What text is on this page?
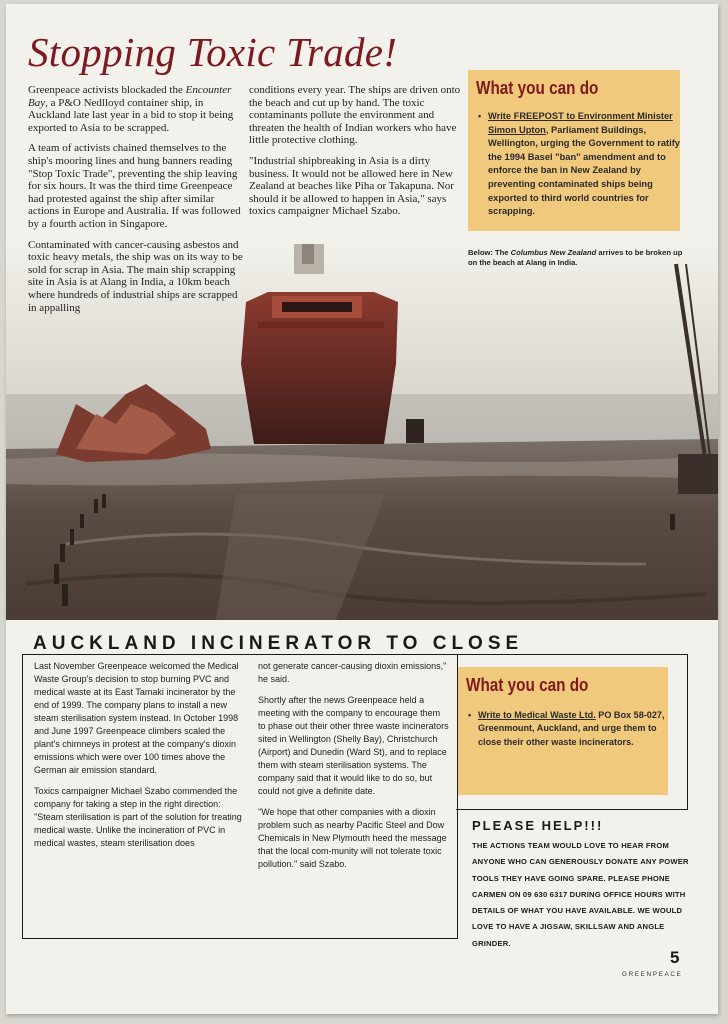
Stopping Toxic Trade!

Greenpeace activists blockaded the Encounter Bay, a P&O Nedlloyd container ship, in Auckland late last year in a bid to stop it being exported to Asia to be scrapped.

A team of activists chained themselves to the ship's mooring lines and hung banners reading "Stop Toxic Trade", preventing the ship leaving for six hours. It was the third time Greenpeace had protested against the ship after similar actions in Europe and Australia. If was followed by a fourth action in Singapore.

Contaminated with cancer-causing asbestos and toxic heavy metals, the ship was on its way to be sold for scrap in Asia. The main ship scrapping site in Asia is at Alang in India, a 10km beach where hundreds of industrial ships are scrapped in appalling

conditions every year. The ships are driven onto the beach and cut up by hand. The toxic contaminants pollute the environment and threaten the health of Indian workers who have little protective clothing.

"Industrial shipbreaking in Asia is a dirty business. It would not be allowed here in New Zealand at beaches like Piha or Takapuna. Nor should it be allowed to happen in Asia," says toxics campaigner Michael Szabo.

What you can do
• Write FREEPOST to Environment Minister Simon Upton, Parliament Buildings, Wellington, urging the Government to ratify the 1994 Basel "ban" amendment and to enforce the ban in New Zealand by preventing contaminated ships being exported to third world countries for scrapping.
Below: The Columbus New Zealand arrives to be broken up on the beach at Alang in India.
AUCKLAND INCINERATOR TO CLOSE

Last November Greenpeace welcomed the Medical Waste Group's decision to stop burning PVC and medical waste at its East Tamaki incinerator by the end of 1999. The company plans to install a new steam sterilisation system instead. In October 1998 and June 1997 Greenpeace climbers scaled the plant's chimneys in protest at the company's dioxin emissions which were over 100 times above the German air emission standard.

Toxics campaigner Michael Szabo commended the company for taking a step in the right direction: "Steam sterilisation is part of the solution for treating medical waste. Unlike the incineration of PVC in medical wastes, steam sterilisation does

not generate cancer-causing dioxin emissions," he said.

Shortly after the news Greenpeace held a meeting with the company to encourage them to phase out their other three waste incinerators sited in Wellington (Shelly Bay), Christchurch (Airport) and Dunedin (Ward St), and to replace them with steam sterilisation systems. The company said that it would like to do so, but could not give a definite date.

"We hope that other companies with a dioxin problem such as nearby Pacific Steel and Dow Chemicals in New Plymouth heed the message that the local com-munity will not tolerate toxic pollution." said Szabo.

What you can do
• Write to Medical Waste Ltd. PO Box 58-027, Greenmount, Auckland, and urge them to close their other waste incinerators.
PLEASE HELP!!!
THE ACTIONS TEAM WOULD LOVE TO HEAR FROM ANYONE WHO CAN GENEROUSLY DONATE ANY POWER TOOLS THEY HAVE GOING SPARE. PLEASE PHONE CARMEN ON 09 630 6317 DURING OFFICE HOURS WITH DETAILS OF WHAT YOU HAVE AVAILABLE. WE WOULD LOVE TO HAVE A JIGSAW, SKILLSAW AND ANGLE GRINDER.
5
GREENPEACE
